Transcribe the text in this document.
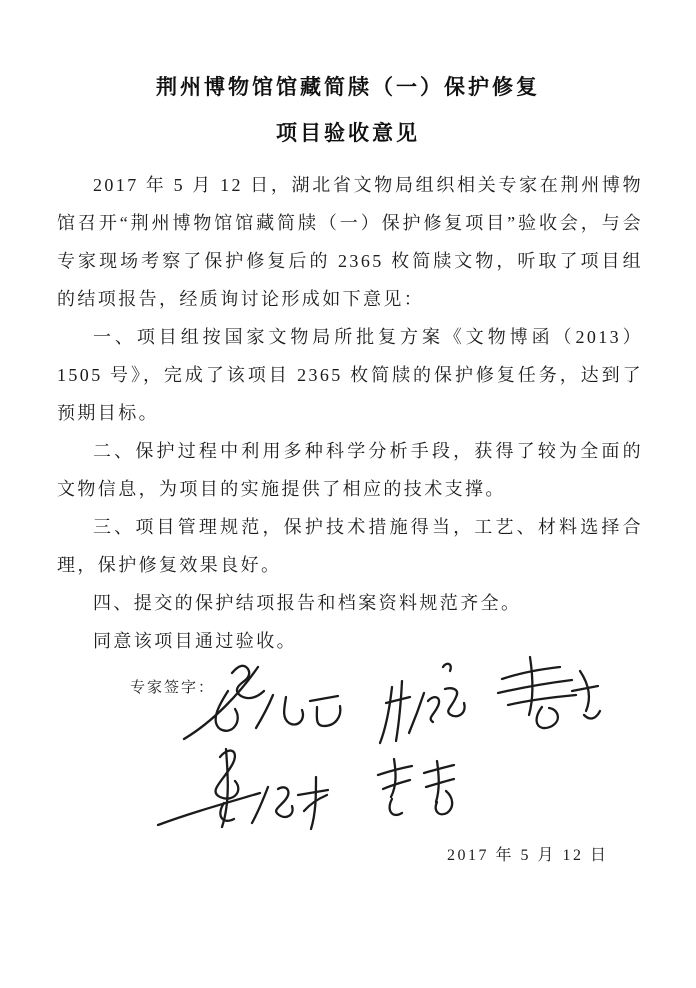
荆州博物馆馆藏简牍（一）保护修复
项目验收意见

2017 年 5 月 12 日，湖北省文物局组织相关专家在荆州博物馆召开“荆州博物馆馆藏简牍（一）保护修复项目”验收会，与会专家现场考察了保护修复后的 2365 枚简牍文物，听取了项目组的结项报告，经质询讨论形成如下意见：

一、项目组按国家文物局所批复方案《文物博函（2013）1505 号》，完成了该项目 2365 枚简牍的保护修复任务，达到了预期目标。

二、保护过程中利用多种科学分析手段，获得了较为全面的文物信息，为项目的实施提供了相应的技术支撑。

三、项目管理规范，保护技术措施得当，工艺、材料选择合理，保护修复效果良好。

四、提交的保护结项报告和档案资料规范齐全。

同意该项目通过验收。

专家签字：
2017 年 5 月 12 日
